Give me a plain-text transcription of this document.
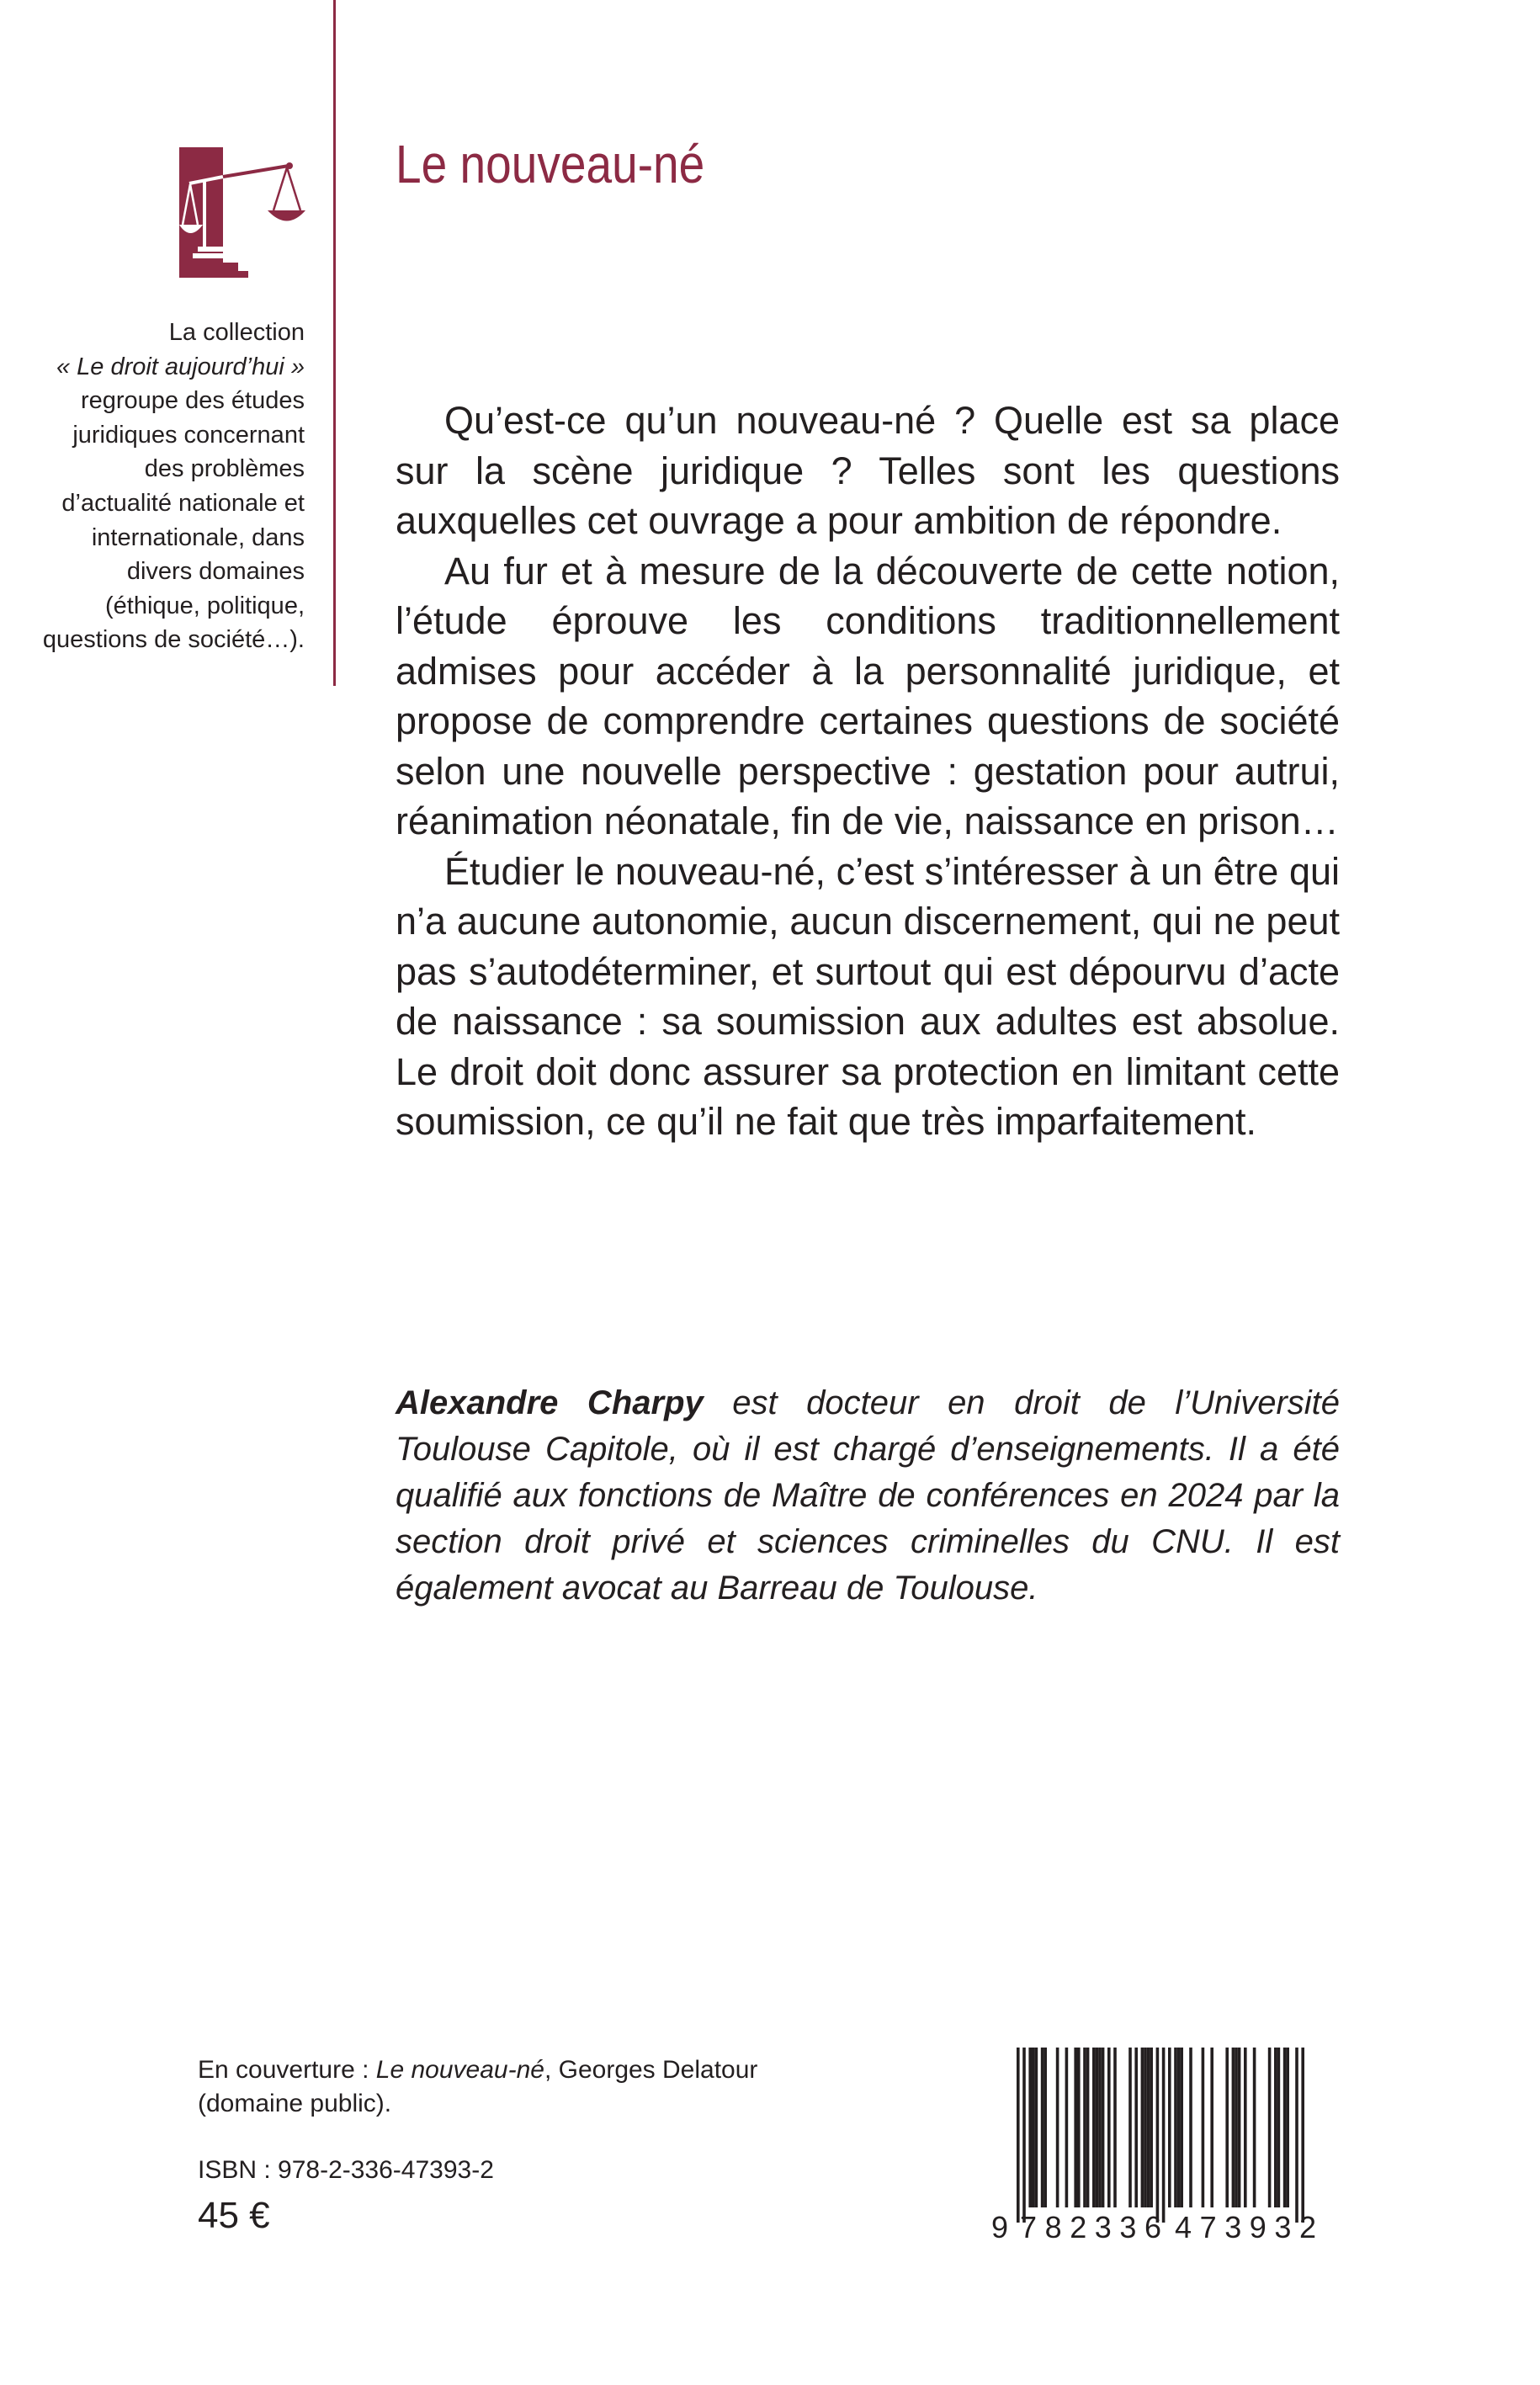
Le nouveau-né

La collection

« Le droit aujourd’hui »

regroupe des études juridiques concernant des problèmes d’actualité nationale et internationale, dans divers domaines (éthique, politique, questions de société…).

Qu’est-ce qu’un nouveau-né ? Quelle est sa place sur la scène juridique ? Telles sont les questions auxquelles cet ouvrage a pour ambition de répondre.

Au fur et à mesure de la découverte de cette notion, l’étude éprouve les conditions traditionnellement admises pour accéder à la personnalité juridique, et propose de comprendre certaines questions de société selon une nouvelle perspective : gestation pour autrui, réanimation néonatale, fin de vie, naissance en prison…

Étudier le nouveau-né, c’est s’intéresser à un être qui n’a aucune autonomie, aucun discernement, qui ne peut pas s’autodéterminer, et surtout qui est dépourvu d’acte de naissance : sa soumission aux adultes est absolue. Le droit doit donc assurer sa protection en limitant cette soumission, ce qu’il ne fait que très imparfaitement.

Alexandre Charpy est docteur en droit de l’Université Toulouse Capitole, où il est chargé d’enseignements. Il a été qualifié aux fonctions de Maître de conférences en 2024 par la section droit privé et sciences criminelles du CNU. Il est également avocat au Barreau de Toulouse.

En couverture : Le nouveau-né, Georges Delatour

(domaine public).

ISBN : 978-2-336-47393-2

45 €	9 782336 473932
